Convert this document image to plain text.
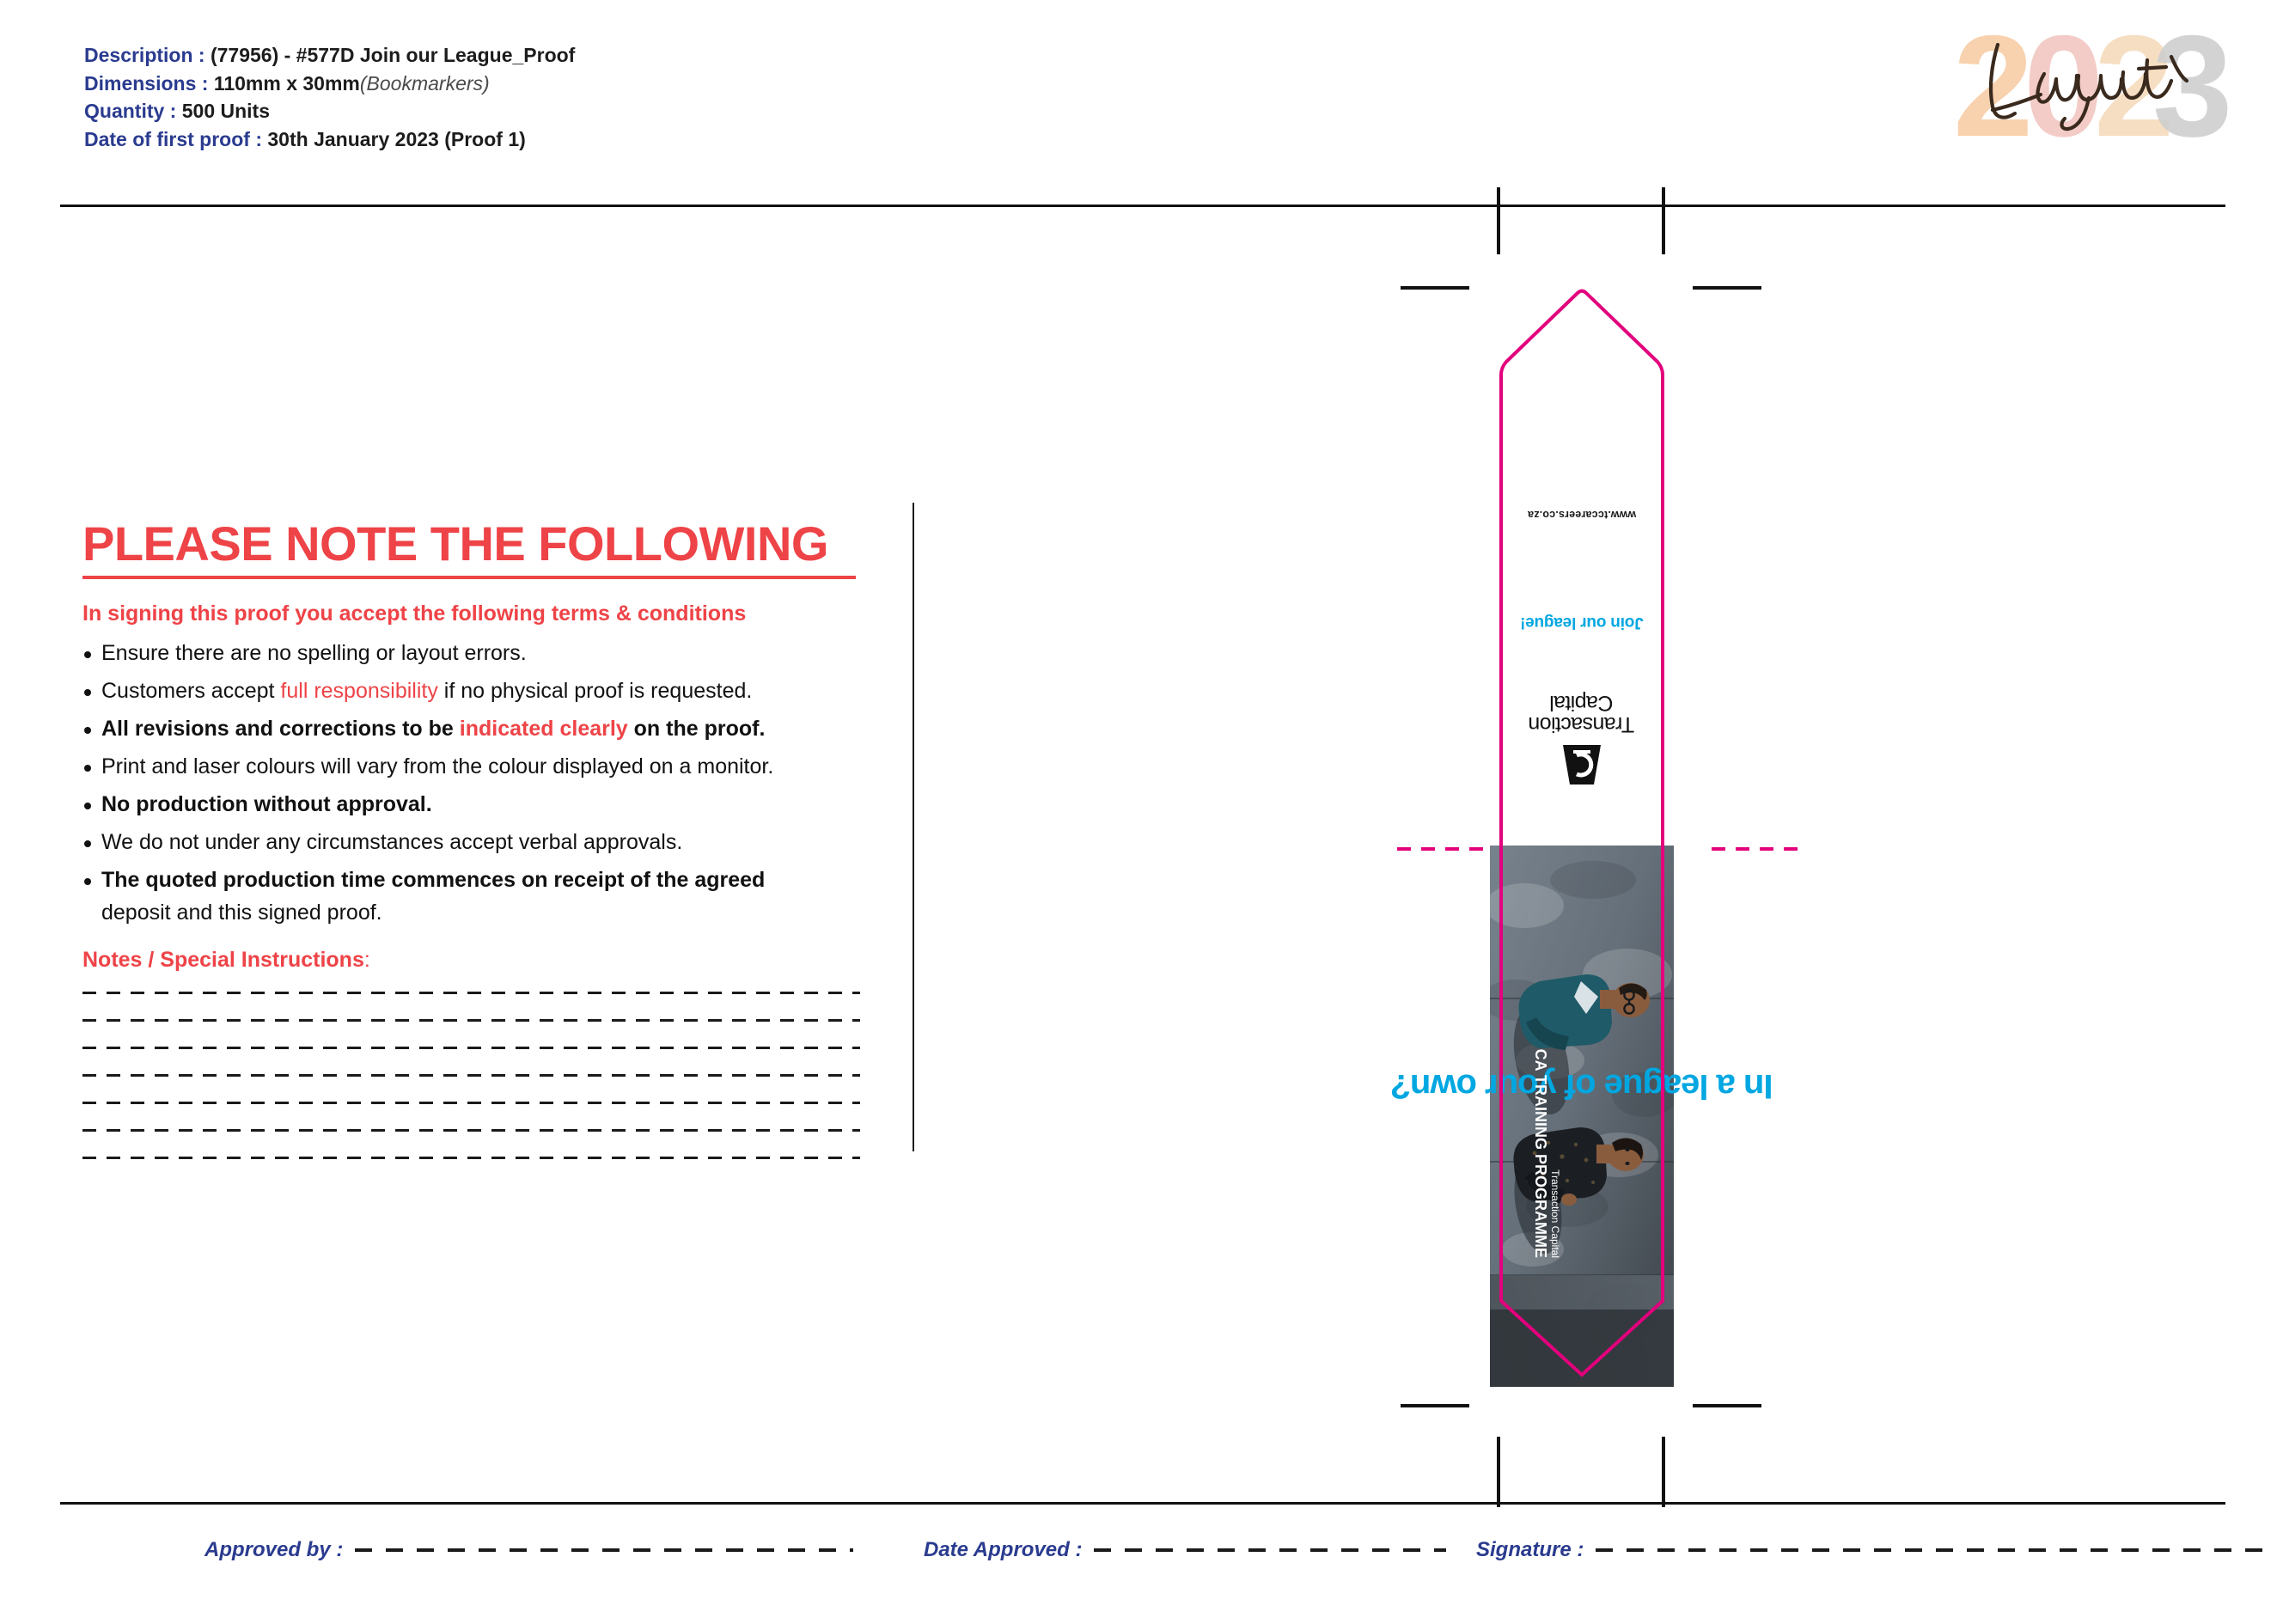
Description : (77956) - #577D Join our League_Proof
Dimensions : 110mm x 30mm(Bookmarkers)
Quantity : 500 Units
Date of first proof : 30th January 2023 (Proof 1)	2
0
2
3
PLEASE NOTE THE FOLLOWING
In signing this proof you accept the following terms & conditions
Ensure there are no spelling or layout errors.
Customers accept full responsibility if no physical proof is requested.
All revisions and corrections to be indicated clearly on the proof.
Print and laser colours will vary from the colour displayed on a monitor.
No production without approval.
We do not under any circumstances accept verbal approvals.
The quoted production time commences on receipt of the agreed
deposit and this signed proof.
Notes / Special Instructions:
www.tccareers.co.za
Join our league!
Transaction

Capital
In a league of your own?
Transaction Capital
CA TRAINING PROGRAMME
Approved by :	Date Approved :	Signature :
